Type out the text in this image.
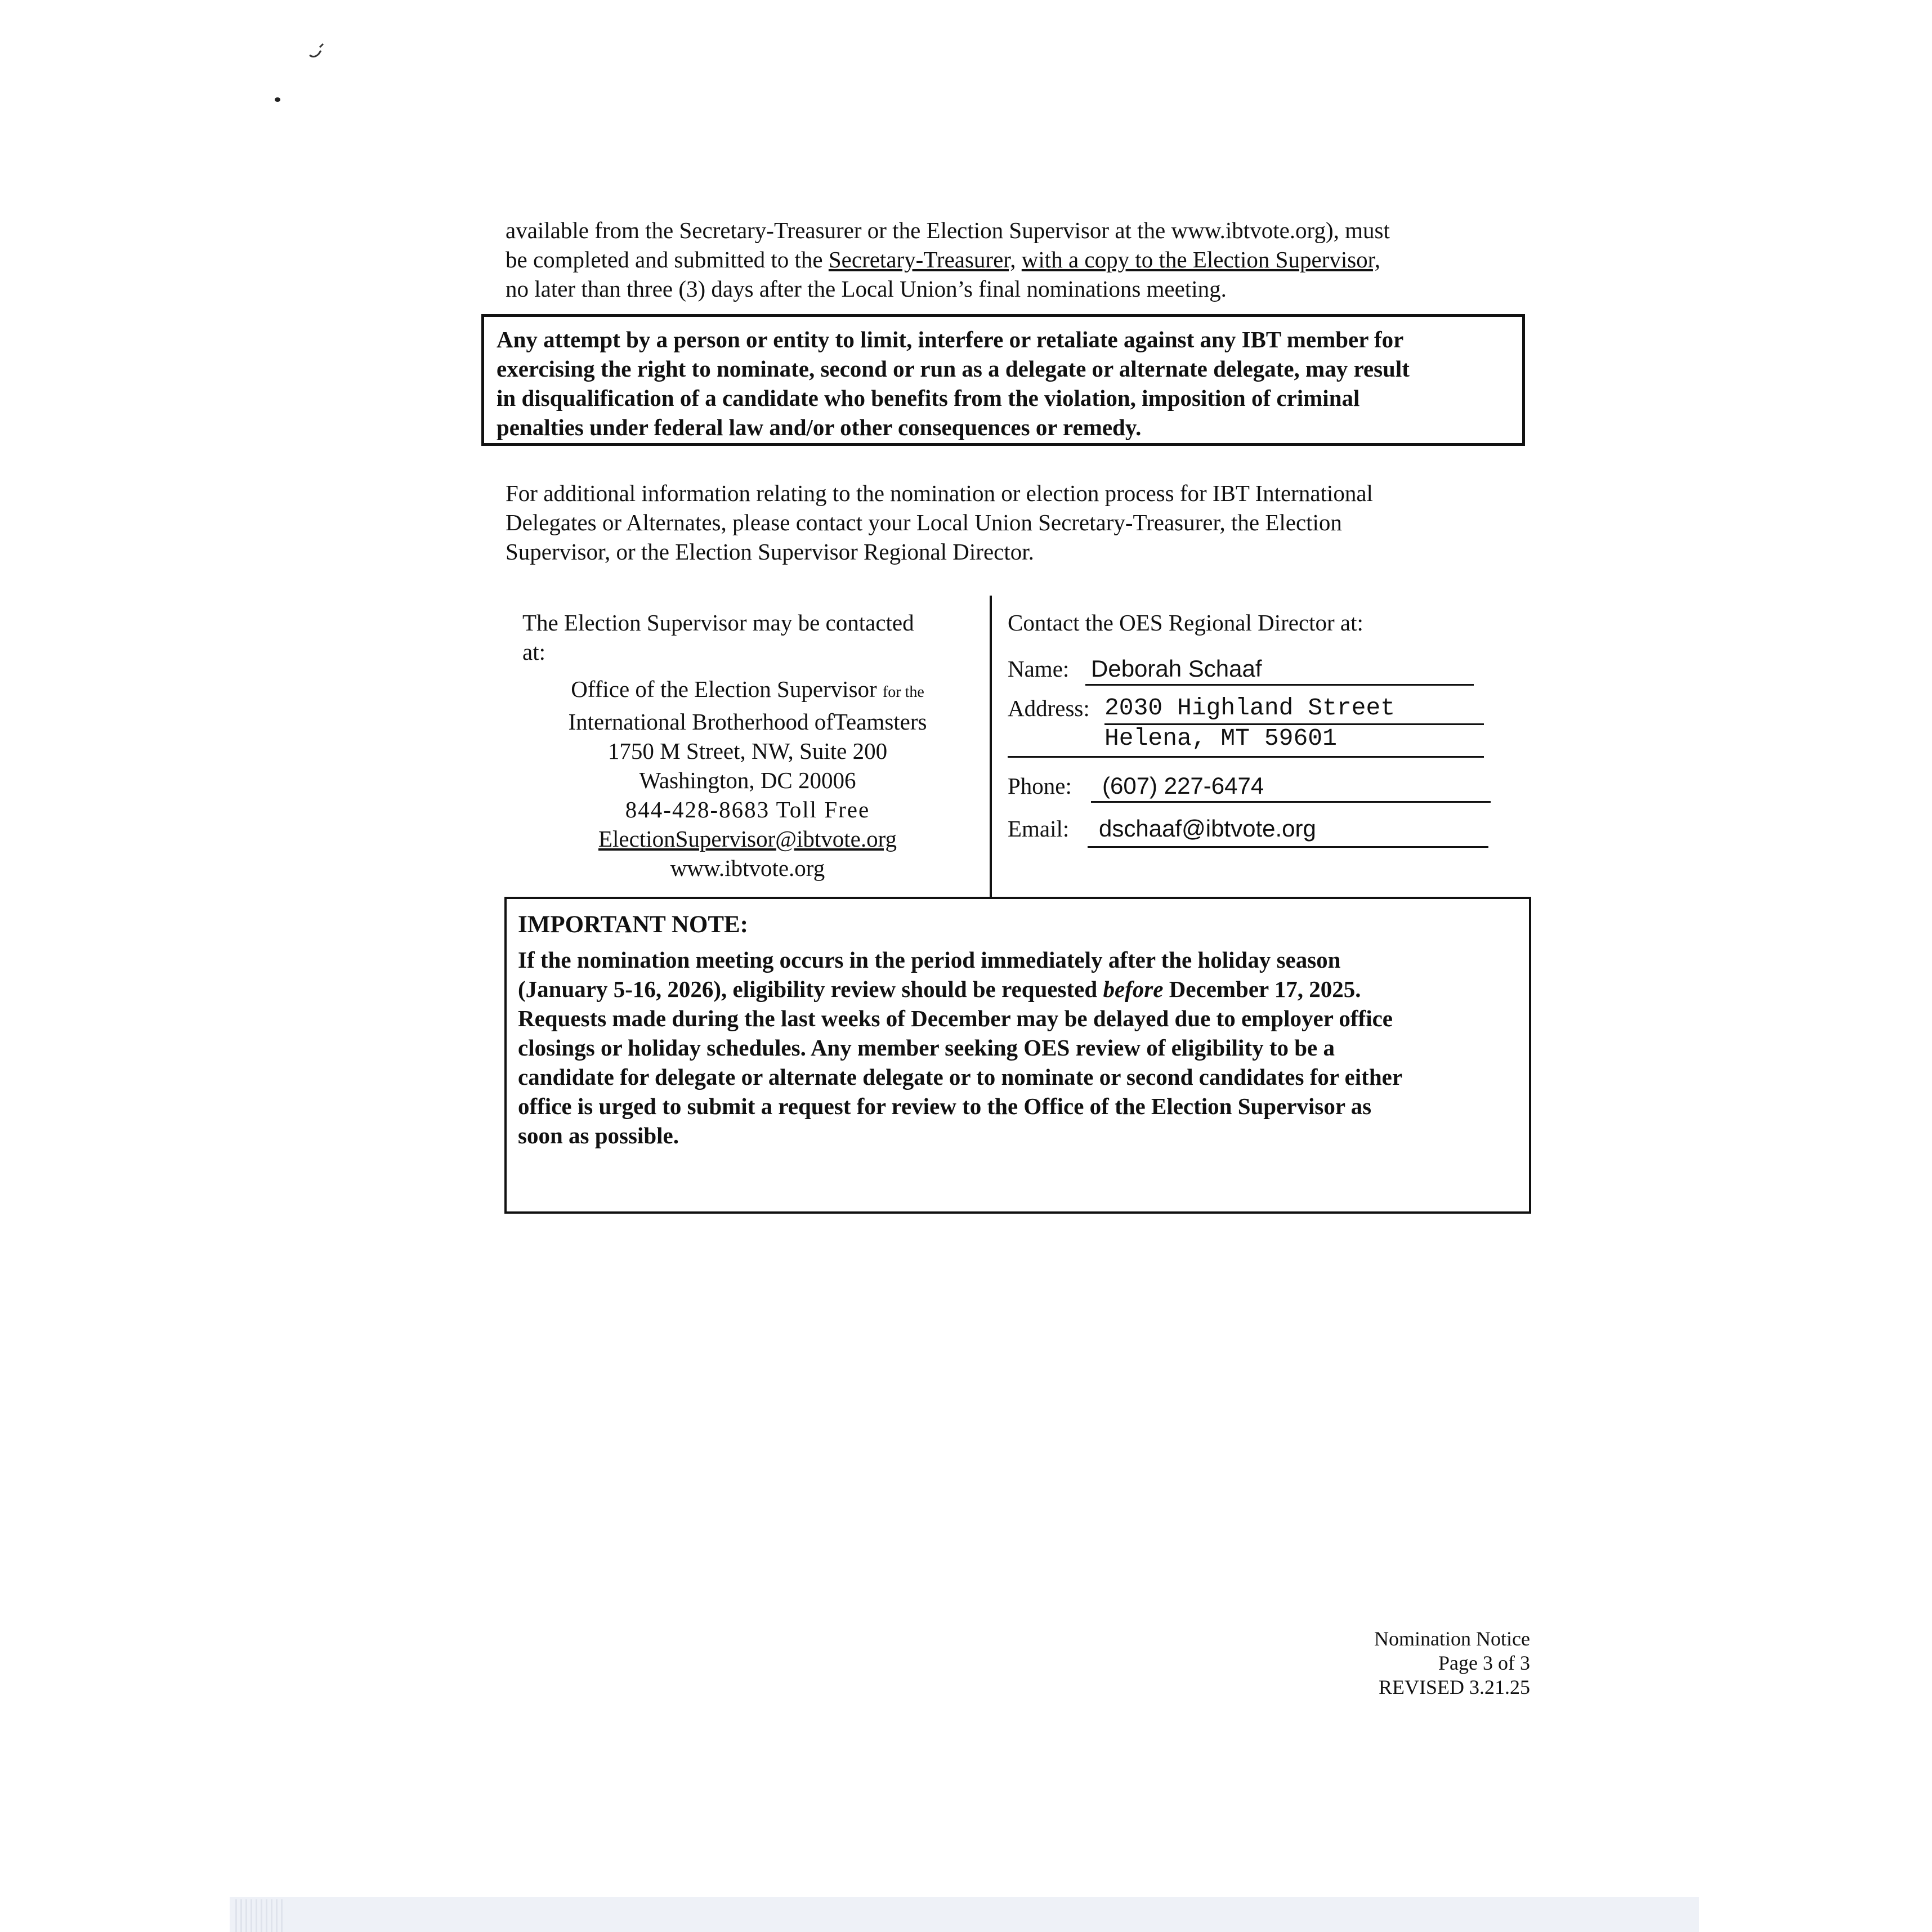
available from the Secretary-Treasurer or the Election Supervisor at the www.ibtvote.org), must
be completed and submitted to the Secretary-Treasurer, with a copy to the Election Supervisor,
no later than three (3) days after the Local Union’s final nominations meeting.
Any attempt by a person or entity to limit, interfere or retaliate against any IBT member for
exercising the right to nominate, second or run as a delegate or alternate delegate, may result
in disqualification of a candidate who benefits from the violation, imposition of criminal
penalties under federal law and/or other consequences or remedy.
For additional information relating to the nomination or election process for IBT International
Delegates or Alternates, please contact your Local Union Secretary-Treasurer, the Election
Supervisor, or the Election Supervisor Regional Director.
The Election Supervisor may be contacted
at:
Office of the Election Supervisor for the
International Brotherhood ofTeamsters
1750 M Street, NW, Suite 200
Washington, DC 20006
844-428-8683 Toll Free
ElectionSupervisor@ibtvote.org
www.ibtvote.org
Contact the OES Regional Director at:
Name: Deborah Schaaf
Address: 2030 Highland Street
Helena, MT 59601
Phone: (607) 227-6474
Email: dschaaf@ibtvote.org
IMPORTANT NOTE:
If the nomination meeting occurs in the period immediately after the holiday season
(January 5-16, 2026), eligibility review should be requested before December 17, 2025.
Requests made during the last weeks of December may be delayed due to employer office
closings or holiday schedules. Any member seeking OES review of eligibility to be a
candidate for delegate or alternate delegate or to nominate or second candidates for either
office is urged to submit a request for review to the Office of the Election Supervisor as
soon as possible.
Nomination Notice
Page 3 of 3
REVISED 3.21.25
